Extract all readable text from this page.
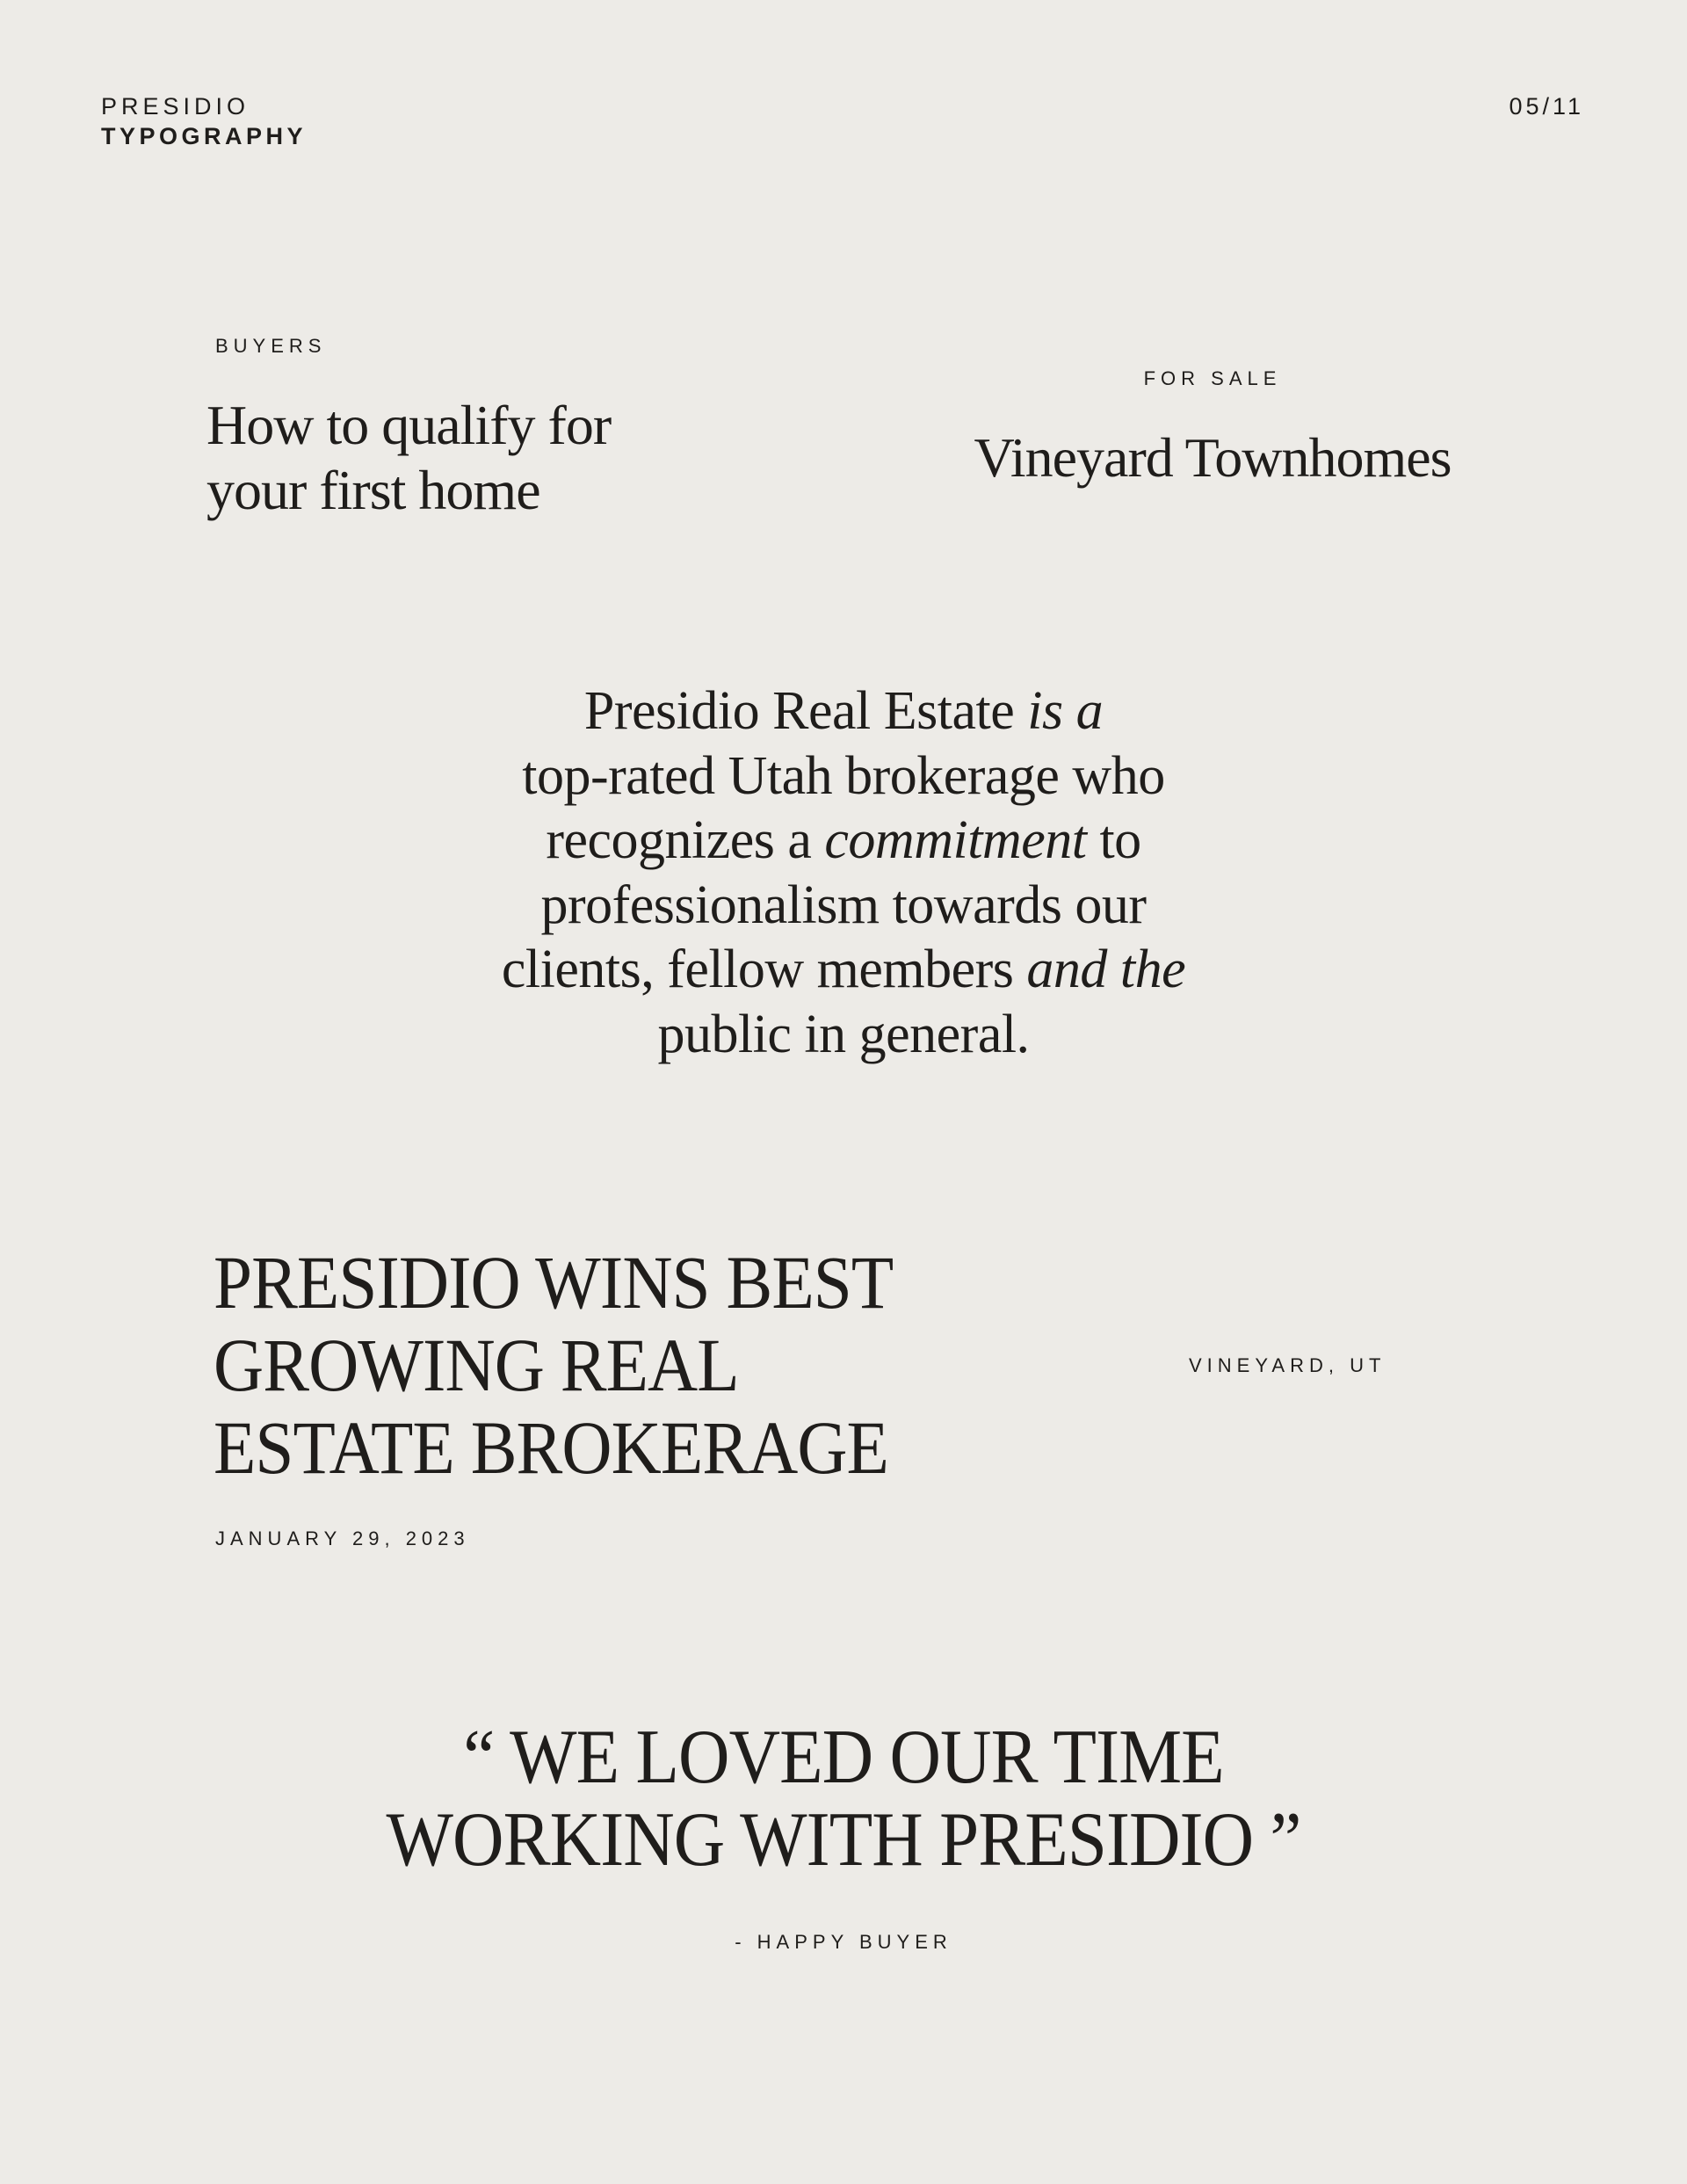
PRESIDIO
TYPOGRAPHY
05/11
BUYERS
How to qualify for
your first home
FOR SALE
Vineyard Townhomes
Presidio Real Estate is a
top-rated Utah brokerage who
recognizes a commitment to
professionalism towards our
clients, fellow members and the
public in general.
PRESIDIO WINS BEST
GROWING REAL
ESTATE BROKERAGE
JANUARY 29, 2023
VINEYARD, UT
“ WE LOVED OUR TIME
WORKING WITH PRESIDIO ”
- HAPPY BUYER
